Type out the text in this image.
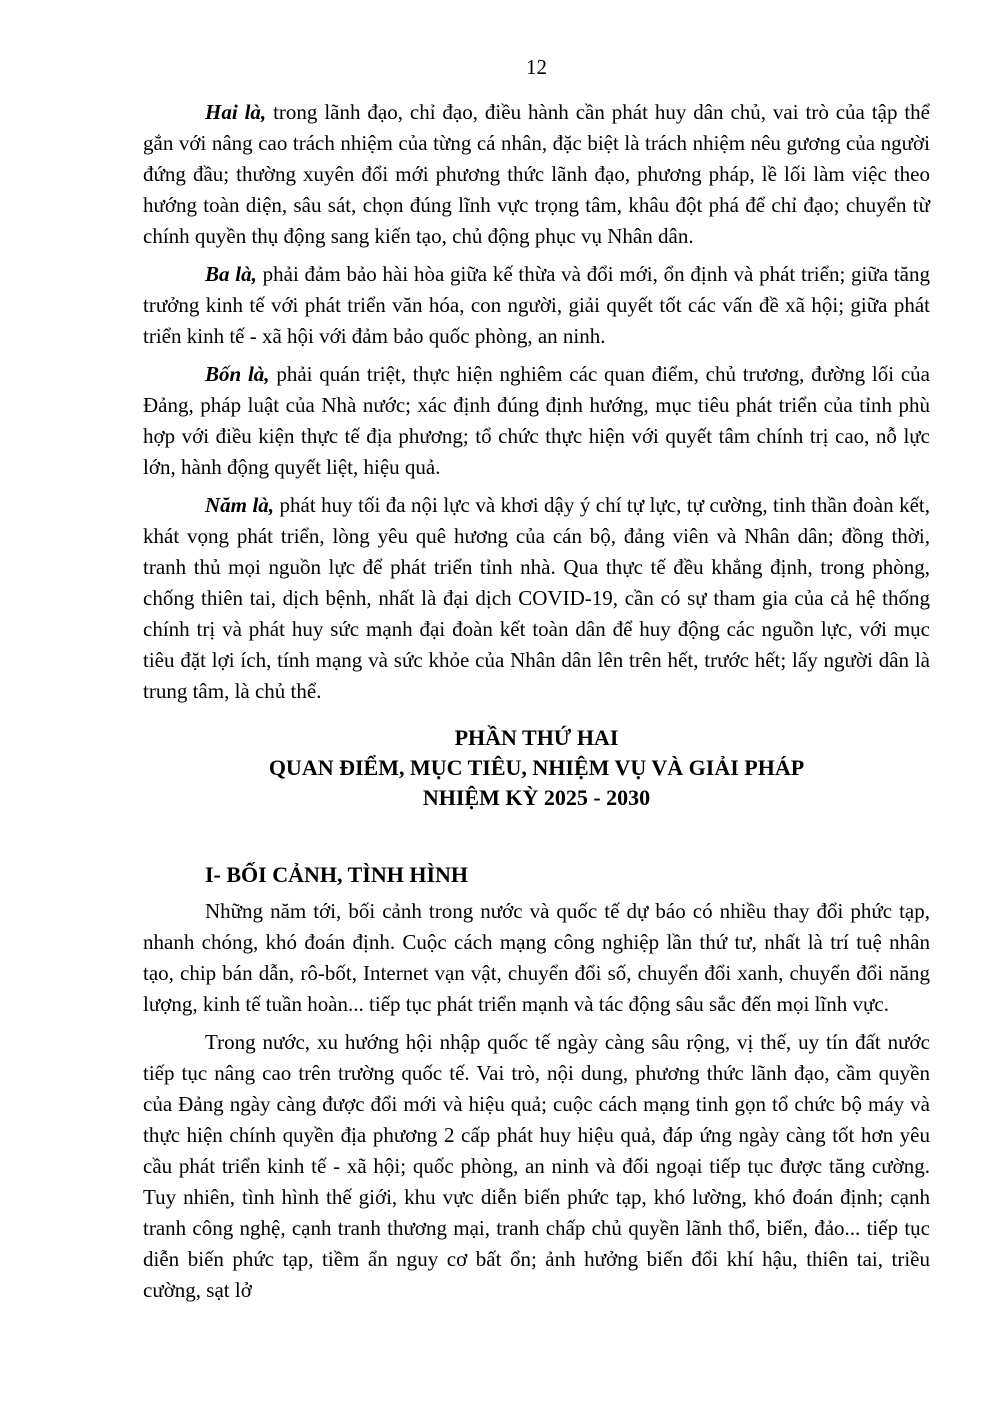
12

Hai là, trong lãnh đạo, chỉ đạo, điều hành cần phát huy dân chủ, vai trò của tập thể gắn với nâng cao trách nhiệm của từng cá nhân, đặc biệt là trách nhiệm nêu gương của người đứng đầu; thường xuyên đổi mới phương thức lãnh đạo, phương pháp, lề lối làm việc theo hướng toàn diện, sâu sát, chọn đúng lĩnh vực trọng tâm, khâu đột phá để chỉ đạo; chuyển từ chính quyền thụ động sang kiến tạo, chủ động phục vụ Nhân dân.

Ba là, phải đảm bảo hài hòa giữa kế thừa và đổi mới, ổn định và phát triển; giữa tăng trưởng kinh tế với phát triển văn hóa, con người, giải quyết tốt các vấn đề xã hội; giữa phát triển kinh tế - xã hội với đảm bảo quốc phòng, an ninh.

Bốn là, phải quán triệt, thực hiện nghiêm các quan điểm, chủ trương, đường lối của Đảng, pháp luật của Nhà nước; xác định đúng định hướng, mục tiêu phát triển của tỉnh phù hợp với điều kiện thực tế địa phương; tổ chức thực hiện với quyết tâm chính trị cao, nỗ lực lớn, hành động quyết liệt, hiệu quả.

Năm là, phát huy tối đa nội lực và khơi dậy ý chí tự lực, tự cường, tinh thần đoàn kết, khát vọng phát triển, lòng yêu quê hương của cán bộ, đảng viên và Nhân dân; đồng thời, tranh thủ mọi nguồn lực để phát triển tỉnh nhà. Qua thực tế đều khẳng định, trong phòng, chống thiên tai, dịch bệnh, nhất là đại dịch COVID-19, cần có sự tham gia của cả hệ thống chính trị và phát huy sức mạnh đại đoàn kết toàn dân để huy động các nguồn lực, với mục tiêu đặt lợi ích, tính mạng và sức khỏe của Nhân dân lên trên hết, trước hết; lấy người dân là trung tâm, là chủ thể.

PHẦN THỨ HAI
QUAN ĐIỂM, MỤC TIÊU, NHIỆM VỤ VÀ GIẢI PHÁP
NHIỆM KỲ 2025 - 2030

I- BỐI CẢNH, TÌNH HÌNH

Những năm tới, bối cảnh trong nước và quốc tế dự báo có nhiều thay đổi phức tạp, nhanh chóng, khó đoán định. Cuộc cách mạng công nghiệp lần thứ tư, nhất là trí tuệ nhân tạo, chip bán dẫn, rô-bốt, Internet vạn vật, chuyển đổi số, chuyển đổi xanh, chuyển đổi năng lượng, kinh tế tuần hoàn... tiếp tục phát triển mạnh và tác động sâu sắc đến mọi lĩnh vực.

Trong nước, xu hướng hội nhập quốc tế ngày càng sâu rộng, vị thế, uy tín đất nước tiếp tục nâng cao trên trường quốc tế. Vai trò, nội dung, phương thức lãnh đạo, cầm quyền của Đảng ngày càng được đổi mới và hiệu quả; cuộc cách mạng tinh gọn tổ chức bộ máy và thực hiện chính quyền địa phương 2 cấp phát huy hiệu quả, đáp ứng ngày càng tốt hơn yêu cầu phát triển kinh tế - xã hội; quốc phòng, an ninh và đối ngoại tiếp tục được tăng cường. Tuy nhiên, tình hình thế giới, khu vực diễn biến phức tạp, khó lường, khó đoán định; cạnh tranh công nghệ, cạnh tranh thương mại, tranh chấp chủ quyền lãnh thổ, biển, đảo... tiếp tục diễn biến phức tạp, tiềm ẩn nguy cơ bất ổn; ảnh hưởng biến đổi khí hậu, thiên tai, triều cường, sạt lở
